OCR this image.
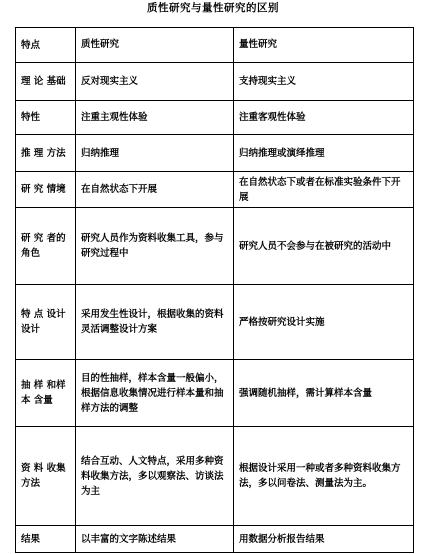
质性研究与量性研究的区别
特点	质性研究	量性研究
理 论 基础	反对现实主义	支持现实主义
特性	注重主观性体验	注重客观性体验
推 理 方法	归纳推理	归纳推理或演绎推理
研 究 情境	在自然状态下开展	在自然状态下或者在标准实验条件下开展
研 究 者的角色	研究人员作为资料收集工具，参与研究过程中	研究人员不会参与在被研究的活动中
特 点 设计设计	采用发生性设计，根据收集的资料灵活调整设计方案	严格按研究设计实施
抽 样 和样 本 含量	目的性抽样，样本含量一般偏小，根据信息收集情况进行样本量和抽样方法的调整	强调随机抽样，需计算样本含量
资 料 收集方法	结合互动、人文特点，采用多种资料收集方法，多以观察法、访谈法为主	根据设计采用一种或者多种资料收集方法，多以问卷法、测量法为主。
结果	以丰富的文字陈述结果	用数据分析报告结果
